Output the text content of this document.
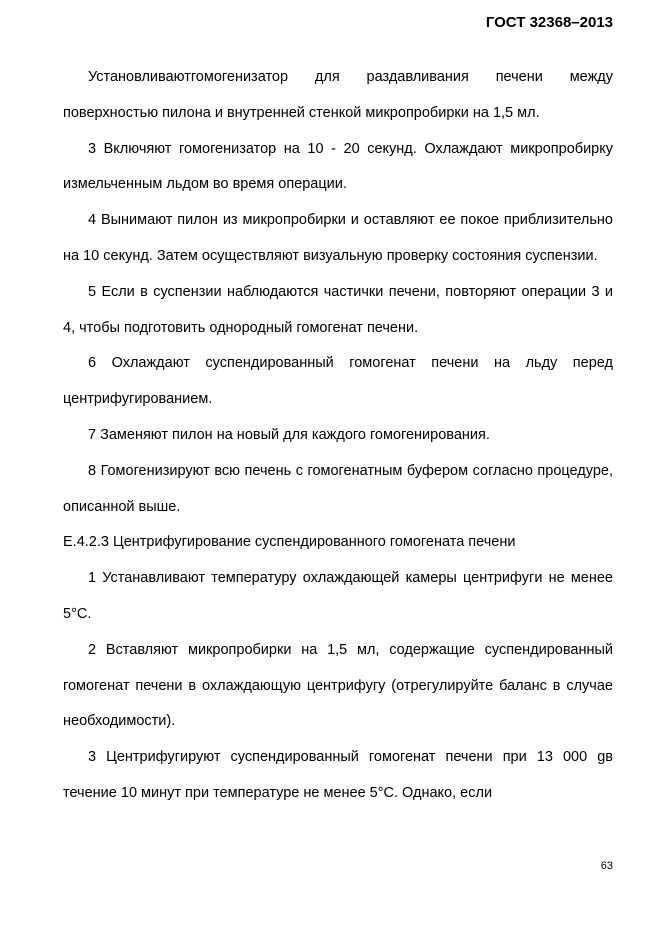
ГОСТ 32368–2013

Установливаютгомогенизатор для раздавливания печени между поверхностью пилона и внутренней стенкой микропробирки на 1,5 мл.

3 Включяют гомогенизатор на 10 - 20 секунд. Охлаждают микропробирку измельченным льдом во время операции.

4 Вынимают пилон из микропробирки и оставляют ее покое приблизительно на 10 секунд. Затем осуществляют визуальную проверку состояния суспензии.

5 Если в суспензии наблюдаются частички печени, повторяют операции 3 и 4, чтобы подготовить однородный гомогенат печени.

6 Охлаждают суспендированный гомогенат печени на льду перед центрифугированием.

7 Заменяют пилон на новый для каждого гомогенирования.

8 Гомогенизируют всю печень с гомогенатным буфером согласно процедуре, описанной выше.

Е.4.2.3 Центрифугирование суспендированного гомогената печени

1 Устанавливают температуру охлаждающей камеры центрифуги не менее 5°C.

2 Вставляют микропробирки на 1,5 мл, содержащие суспендированный гомогенат печени в охлаждающую центрифугу (отрегулируйте баланс в случае необходимости).

3 Центрифугируют суспендированный гомогенат печени при 13 000 gв течение 10 минут при температуре не менее 5°C. Однако, если

63
